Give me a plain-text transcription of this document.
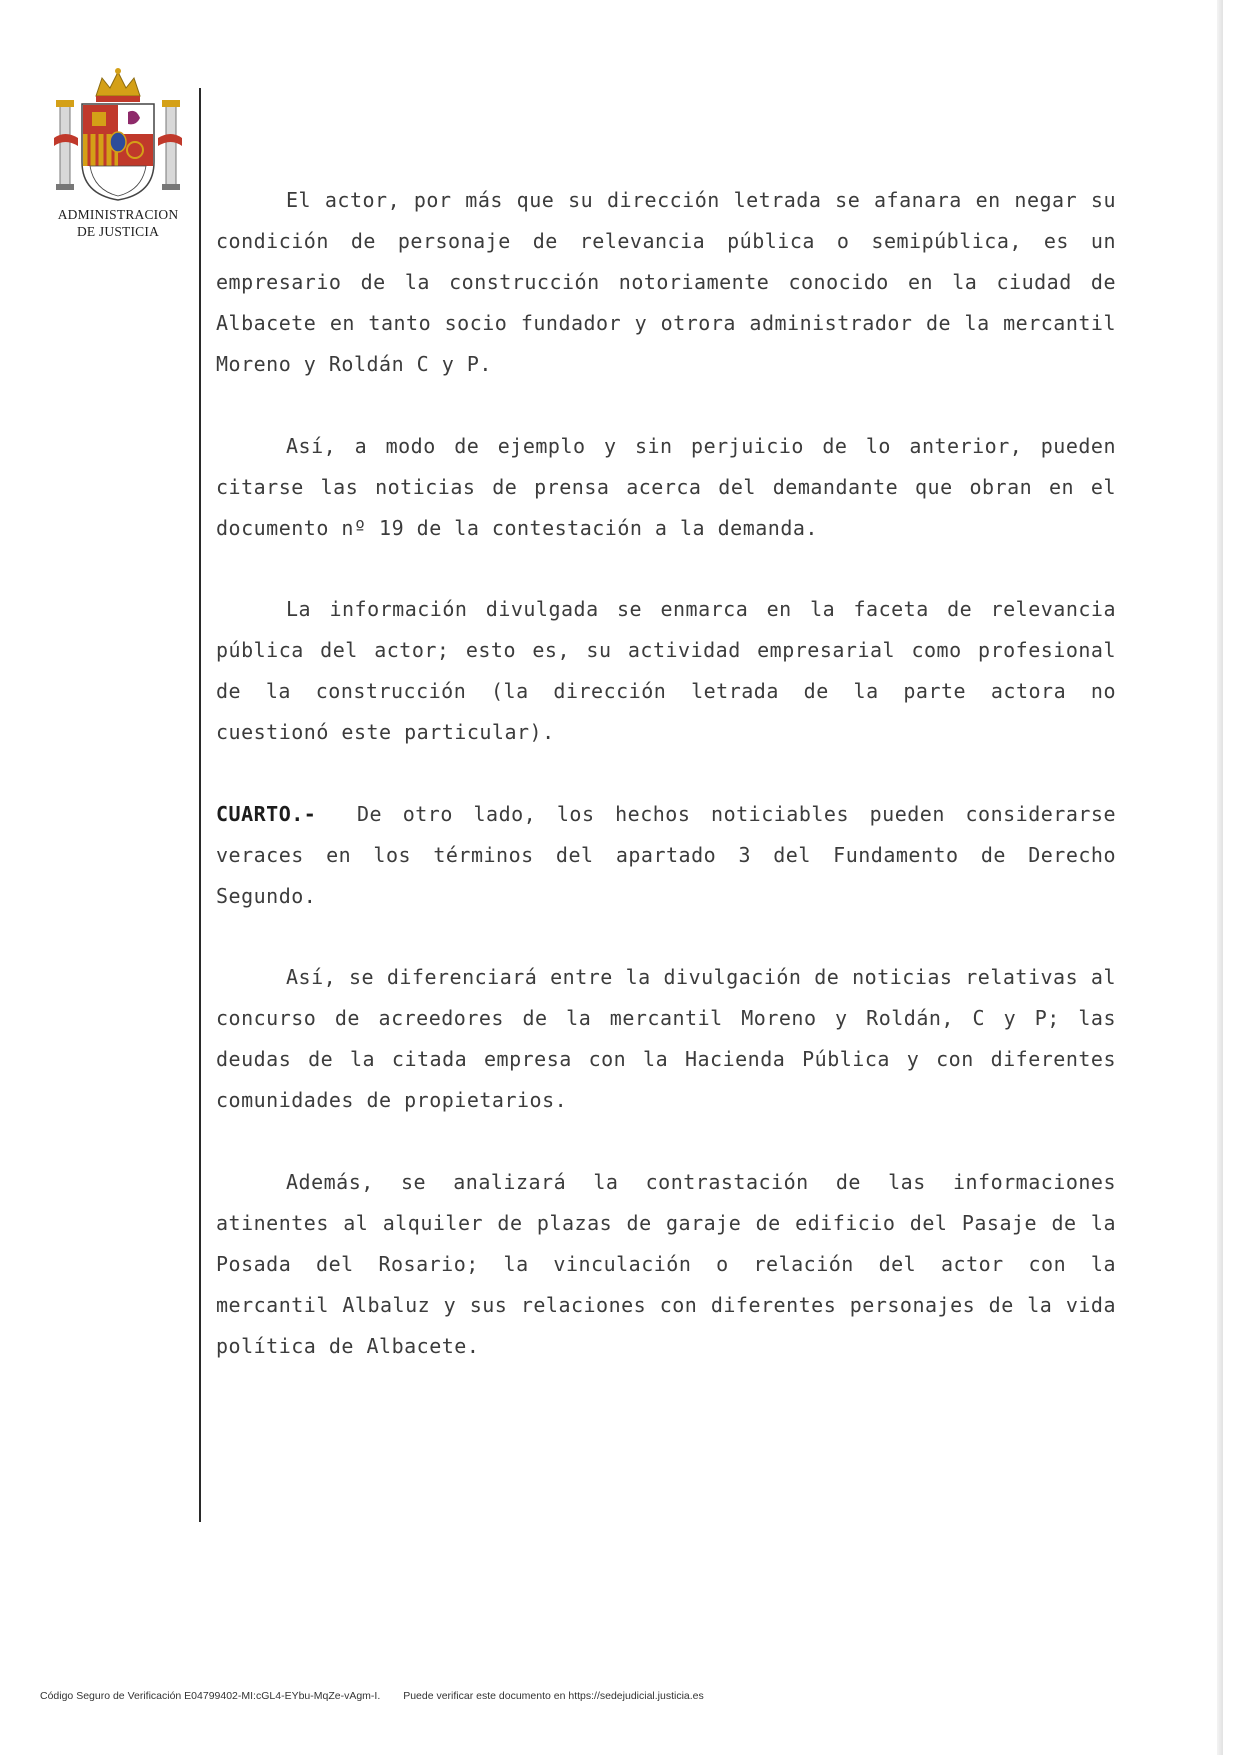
ADMINISTRACION
DE JUSTICIA

El actor, por más que su dirección letrada se afanara en negar su condición de personaje de relevancia pública o semipública, es un empresario de la construcción notoriamente conocido en la ciudad de Albacete en tanto socio fundador y otrora administrador de la mercantil Moreno y Roldán C y P.

Así, a modo de ejemplo y sin perjuicio de lo anterior, pueden citarse las noticias de prensa acerca del demandante que obran en el documento nº 19 de la contestación a la demanda.

La información divulgada se enmarca en la faceta de relevancia pública del actor; esto es, su actividad empresarial como profesional de la construcción (la dirección letrada de la parte actora no cuestionó este particular).

CUARTO.- De otro lado, los hechos noticiables pueden considerarse veraces en los términos del apartado 3 del Fundamento de Derecho Segundo.

Así, se diferenciará entre la divulgación de noticias relativas al concurso de acreedores de la mercantil Moreno y Roldán, C y P; las deudas de la citada empresa con la Hacienda Pública y con diferentes comunidades de propietarios.

Además, se analizará la contrastación de las informaciones atinentes al alquiler de plazas de garaje de edificio del Pasaje de la Posada del Rosario; la vinculación o relación del actor con la mercantil Albaluz y sus relaciones con diferentes personajes de la vida política de Albacete.

Código Seguro de Verificación E04799402-MI:cGL4-EYbu-MqZe-vAgm-I. Puede verificar este documento en https://sedejudicial.justicia.es
